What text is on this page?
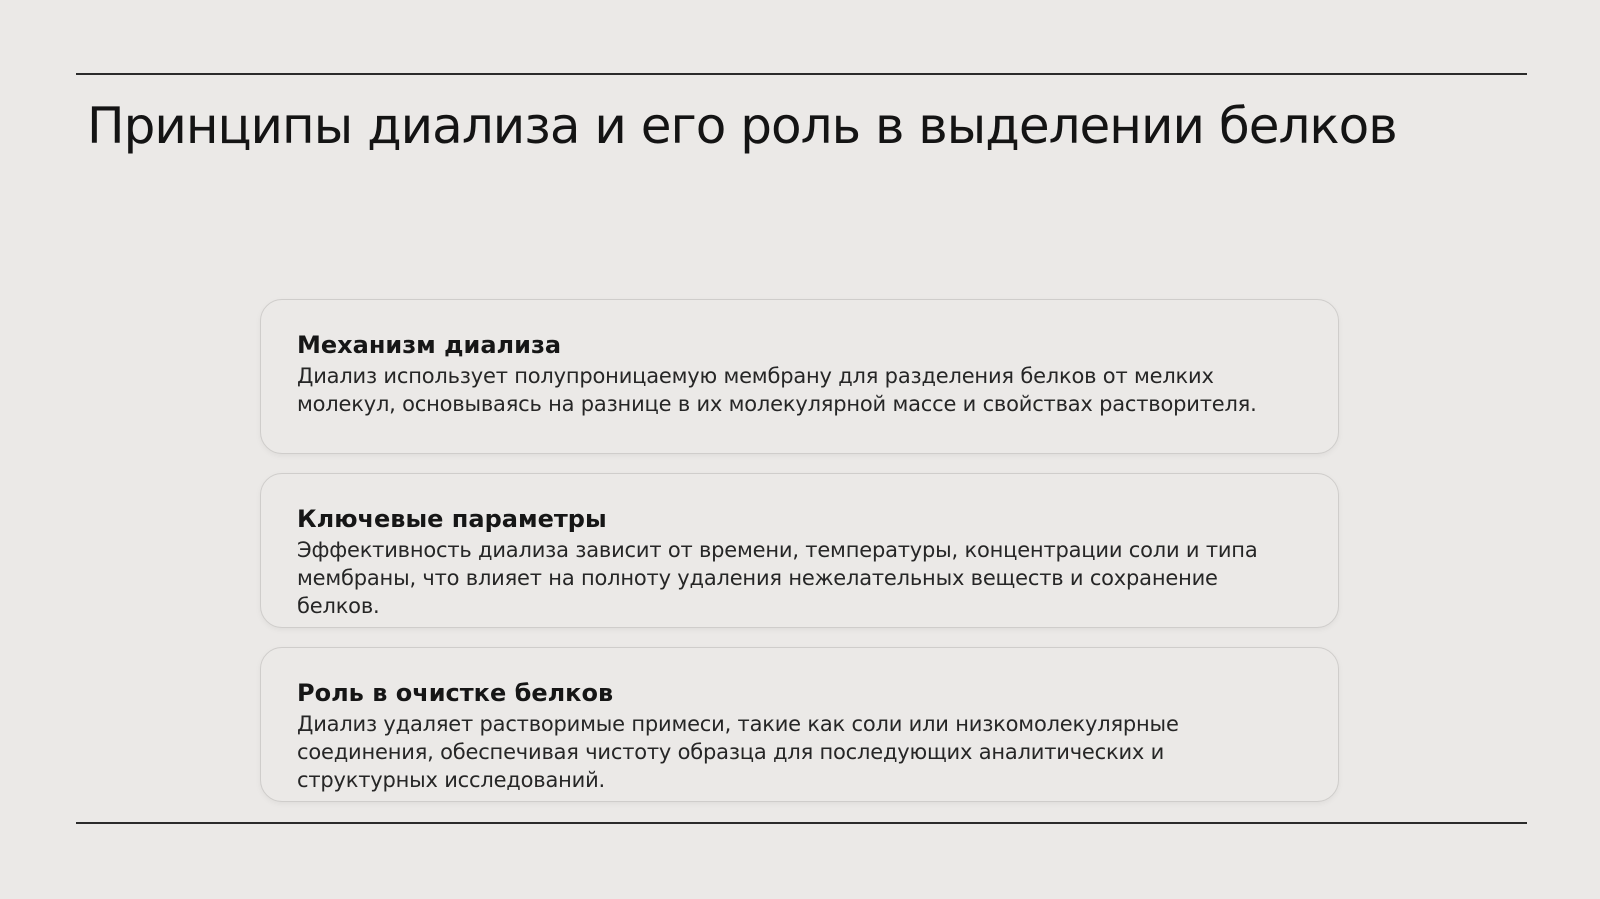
Принципы диализа и его роль в выделении белков
Механизм диализа

Диализ использует полупроницаемую мембрану для разделения белков от мелких молекул, основываясь на разнице в их молекулярной массе и свойствах растворителя.

Ключевые параметры

Эффективность диализа зависит от времени, температуры, концентрации соли и типа мембраны, что влияет на полноту удаления нежелательных веществ и сохранение белков.

Роль в очистке белков

Диализ удаляет растворимые примеси, такие как соли или низкомолекулярные соединения, обеспечивая чистоту образца для последующих аналитических и структурных исследований.
